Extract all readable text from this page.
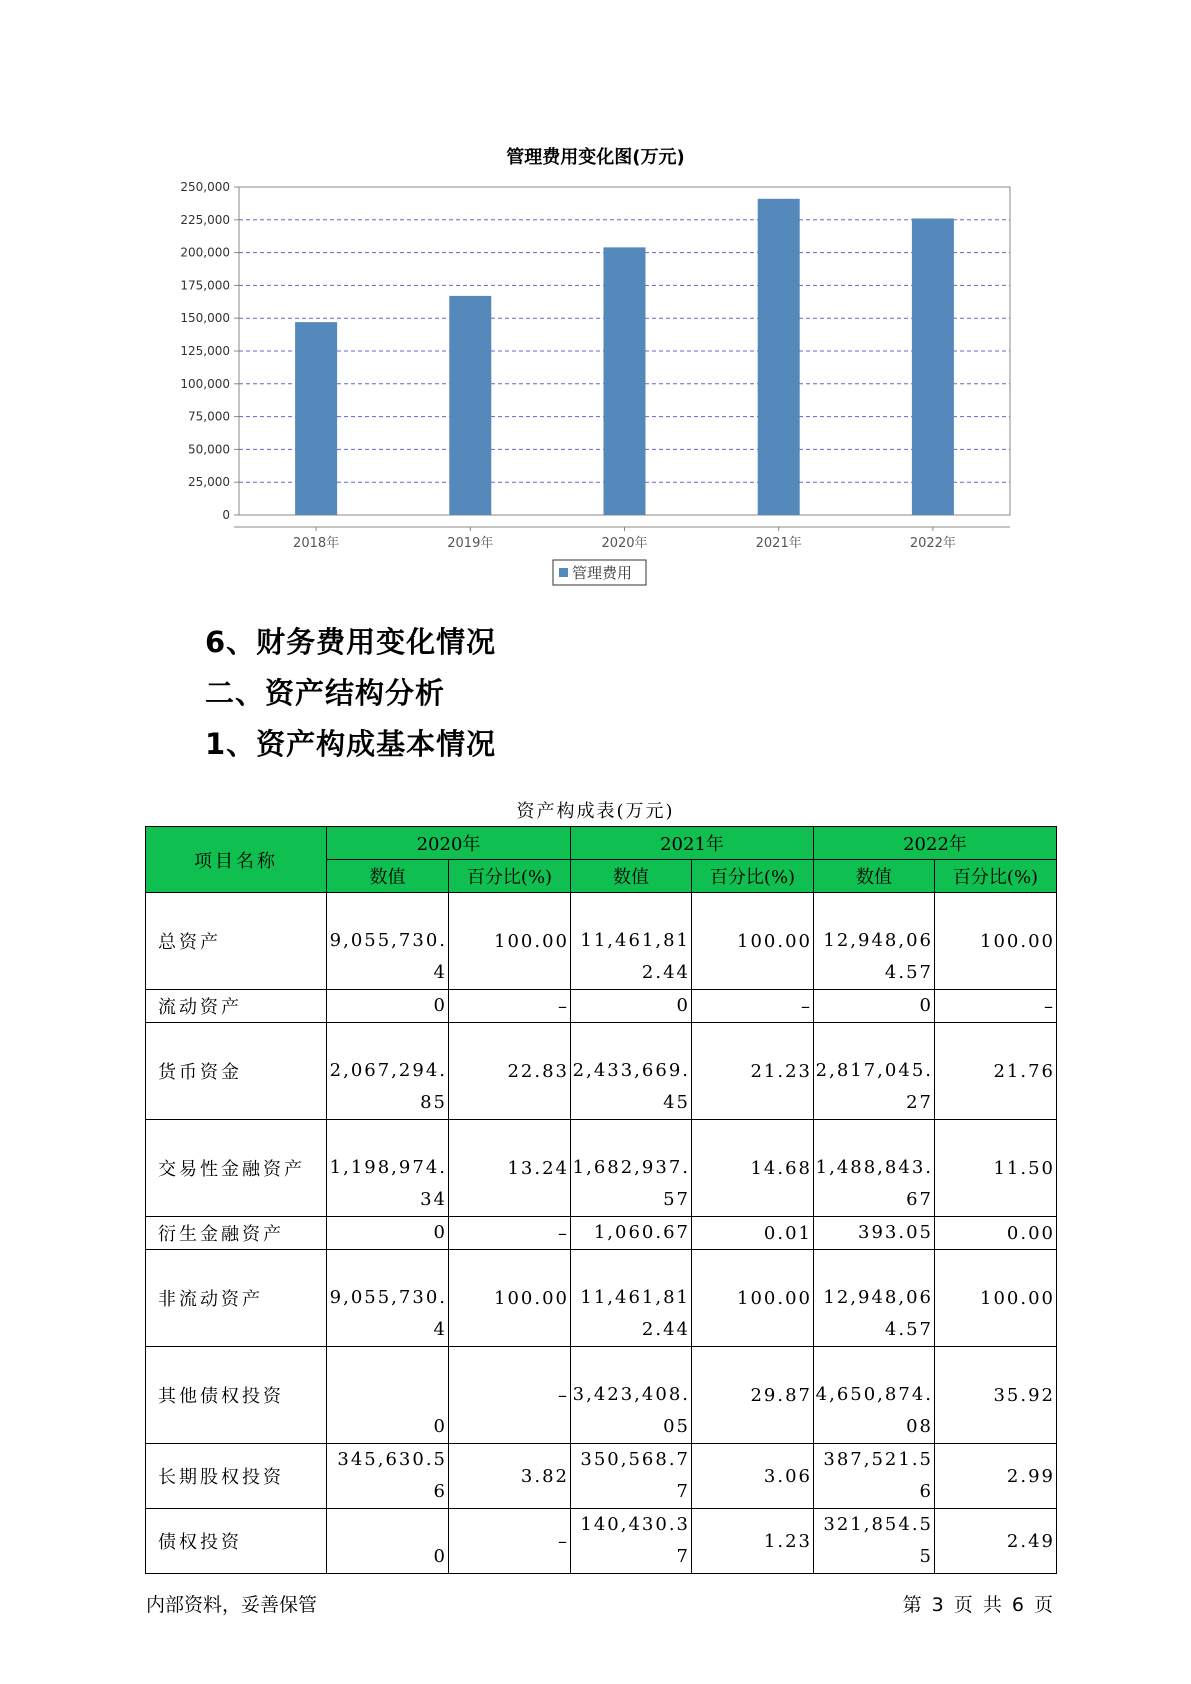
管理费用变化图(万元)
0
25,000
50,000
75,000
100,000
125,000
150,000
175,000
200,000
225,000
250,000
2018年	2019年	2020年	2021年	2022年
管理费用
6、财务费用变化情况
二、资产结构分析
1、资产构成基本情况
资产构成表(万元)
项目名称	2020年		2021年		2022年	
	数值	百分比(%)	数值	百分比(%)	数值	百分比(%)
总资产	9,055,730.4	100.00	11,461,812.44	100.00	12,948,064.57	100.00
流动资产	0	–	0	–	0	–
货币资金	2,067,294.85	22.83	2,433,669.45	21.23	2,817,045.27	21.76
交易性金融资产	1,198,974.34	13.24	1,682,937.57	14.68	1,488,843.67	11.50
衍生金融资产	0	–	1,060.67	0.01	393.05	0.00
非流动资产	9,055,730.4	100.00	11,461,812.44	100.00	12,948,064.57	100.00
其他债权投资	0	–	3,423,408.05	29.87	4,650,874.08	35.92
长期股权投资	345,630.56	3.82	350,568.77	3.06	387,521.56	2.99
债权投资	0	–	140,430.37	1.23	321,854.55	2.49
内部资料，妥善保管	第 3 页 共 6 页
